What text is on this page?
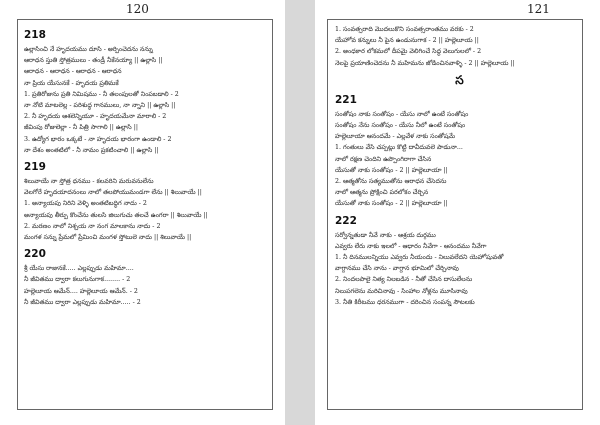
120
218
ఉల్లాసించి నే హృదయము దూసి - అర్పించెదను నన్ను
ఆరాధన స్తుతి స్తోత్రములు - తండ్రీ నీకేనయ్యా || ఉల్లాసి ||
ఆరాధన - ఆరాధన - ఆరాధన - ఆరాధన
నా ప్రియ యేసునకే - హృదయ ప్రతిమకే
1. ప్రతిరోజును ప్రతి నిమిషము - నీ తలంపులతో నింపబడాలి - 2
నా నోటి మాటలెల్ల - పరిశుద్ధ గానములు, నా న్నాని || ఉల్లాసి ||
2. నీ హృదయ ఆశలెన్నియూ - హృదయమేనా మారాలి - 2
జీవింపు రోజులెల్లా - నీ పిత్రి సాగాలి || ఉల్లాసి ||
3. ఉద్యోగ భారం ఒక్కటే - నా హృదయ భారంగా ఉండాలి - 2
నా దేశం అంతటిలో - నీ నామం ప్రకటించాలి || ఉల్లాసి ||
219
శిలువాయే నా స్తోత్ర ధనము - కలవరిని మరువనులేను
వెలగోరే హృదయాదనంలు నాలో తలపోయుమండగా లేను || శిలువాయే ||
1. అన్యాయపు నిరిని వెళ్ళి అంతటిబద్ధిగ నాదు - 2
అన్యాయపు తీర్పు కొంచేను తులసి జిలుగుచు తలచే ఉంగరా || శిలువాయే ||
2. మరణం నాలో నిశ్చయ నా నంగ మాలకాను నాదు - 2
మంగళ సన్ను ప్రేమలో ప్రేమించి మంగళ స్తోటులె నాదు || శిలువాయే ||
220
శ్రీ యేసు రాజునకే..... ఎల్లప్పుడు మహిమా....
నీ జీవితము ద్వారా కలుగునుగాక........ - 2
హల్లెలూయ ఆమేన్.... హల్లెలూయ ఆమేన్. - 2
నీ జీవితము ద్వారా ఎల్లప్పుడు మహిమా..... - 2
121
1. సంవత్సరాది మొదలుకొని సంవత్సరాంతము వరకు - 2
యేహోవ కన్నులు నీ పైన ఉండునుగాక - 2 || హల్లెలూయ ||
2. అంధకార లోకమలో దీపమై వెలిగించే సిద్ధ వెలుగులలో - 2
నెలపై ప్రయాణించెదను నీ మహిమను జోడించినవాళ్ళి - 2 || హల్లెలూయ ||
స
221
సంతోషం నాకు సంతోషం - యేసు నాలో ఉంటే సంతోషం
సంతోషం నేను సంతోషం - యేసు నీలో ఉంటే సంతోషం
హల్లెలూయా ఆనందమే - ఎల్లవేళ నాకు సంతోషమే
1. గంతులు వేసి చప్పట్లు కొట్టి దావీదువలె పాడునా...
నాలో రక్షణ చెందిని ఉప్పొంగిరాగా చేసిన
యేసుతో నాకు సంతోషం - 2 || హల్లెలూయా ||
2. ఆత్మతోను సత్యముతోను ఆరాధన చేసెదను
నాలో ఆత్మను ప్రోక్షించి పరలోకం చేర్చిన
యేసుతో నాకు సంతోషం - 2 || హల్లెలూయా ||
222
సర్వోన్నతుడా నీవే నాకు - ఆశ్రయ దుర్గము
ఎవ్వరు లేరు నాకు ఇలలో - ఆధారం నీవేగా - ఆనందము నీవేగా
1. నీ దినములన్నియు ఎవ్వరు నీయందు - నిలువలేదని యెహోషువతో
వాగ్దానము చేసి నాను - వాగ్దాన భూమిలో చేర్చినావు
2. నిందలపాలై నిత్య నిలబడిన - నీతో చేసిన దాసులేలను
నిలుపగలెను మరిచినావు - సింహాల నోళ్లను మూసినావు
3. నీతి కిరీటము ధరనముగా - దరించిన సంపన్న సౌటలకు
